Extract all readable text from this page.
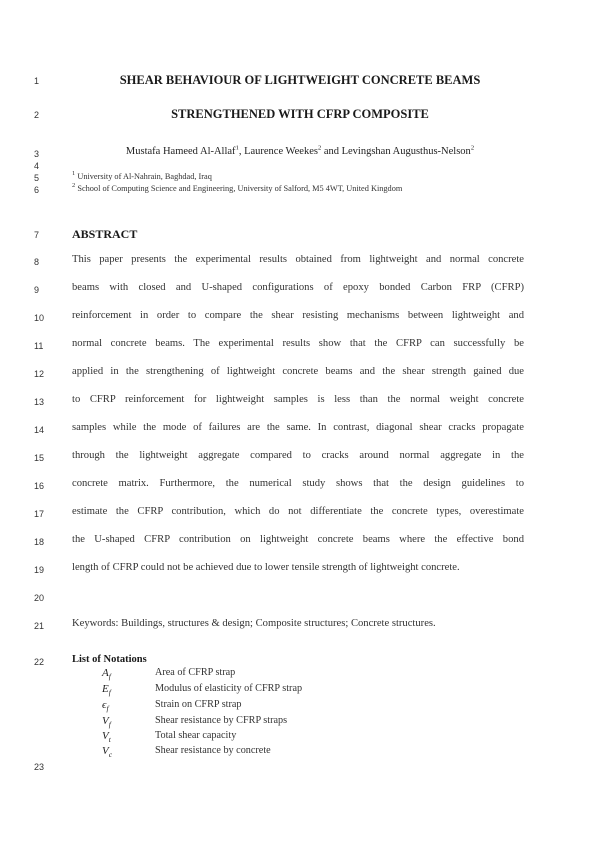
1
2
3
4
5
6
7
8
9
10
11
12
13
14
15
16
17
18
19
20
21
22
23
SHEAR BEHAVIOUR OF LIGHTWEIGHT CONCRETE BEAMS
STRENGTHENED WITH CFRP COMPOSITE
Mustafa Hameed Al-Allaf$^1$, Laurence Weekes$^2$ and Levingshan Augusthus-Nelson$^2$
$^1$ University of Al-Nahrain, Baghdad, Iraq
$^2$ School of Computing Science and Engineering, University of Salford, M5 4WT, United Kingdom
ABSTRACT
This paper presents the experimental results obtained from lightweight and normal concrete
beams with closed and U-shaped configurations of epoxy bonded Carbon FRP (CFRP)
reinforcement in order to compare the shear resisting mechanisms between lightweight and
normal concrete beams. The experimental results show that the CFRP can successfully be
applied in the strengthening of lightweight concrete beams and the shear strength gained due
to CFRP reinforcement for lightweight samples is less than the normal weight concrete
samples while the mode of failures are the same. In contrast, diagonal shear cracks propagate
through the lightweight aggregate compared to cracks around normal aggregate in the
concrete matrix. Furthermore, the numerical study shows that the design guidelines to
estimate the CFRP contribution, which do not differentiate the concrete types, overestimate
the U-shaped CFRP contribution on lightweight concrete beams where the effective bond
length of CFRP could not be achieved due to lower tensile strength of lightweight concrete.
Keywords: Buildings, structures & design; Composite structures; Concrete structures.
List of Notations
$A_f$	Area of CFRP strap
$E_f$	Modulus of elasticity of CFRP strap
$\epsilon_f$	Strain on CFRP strap
$V_f$	Shear resistance by CFRP straps
$V_t$	Total shear capacity
$V_c$	Shear resistance by concrete
